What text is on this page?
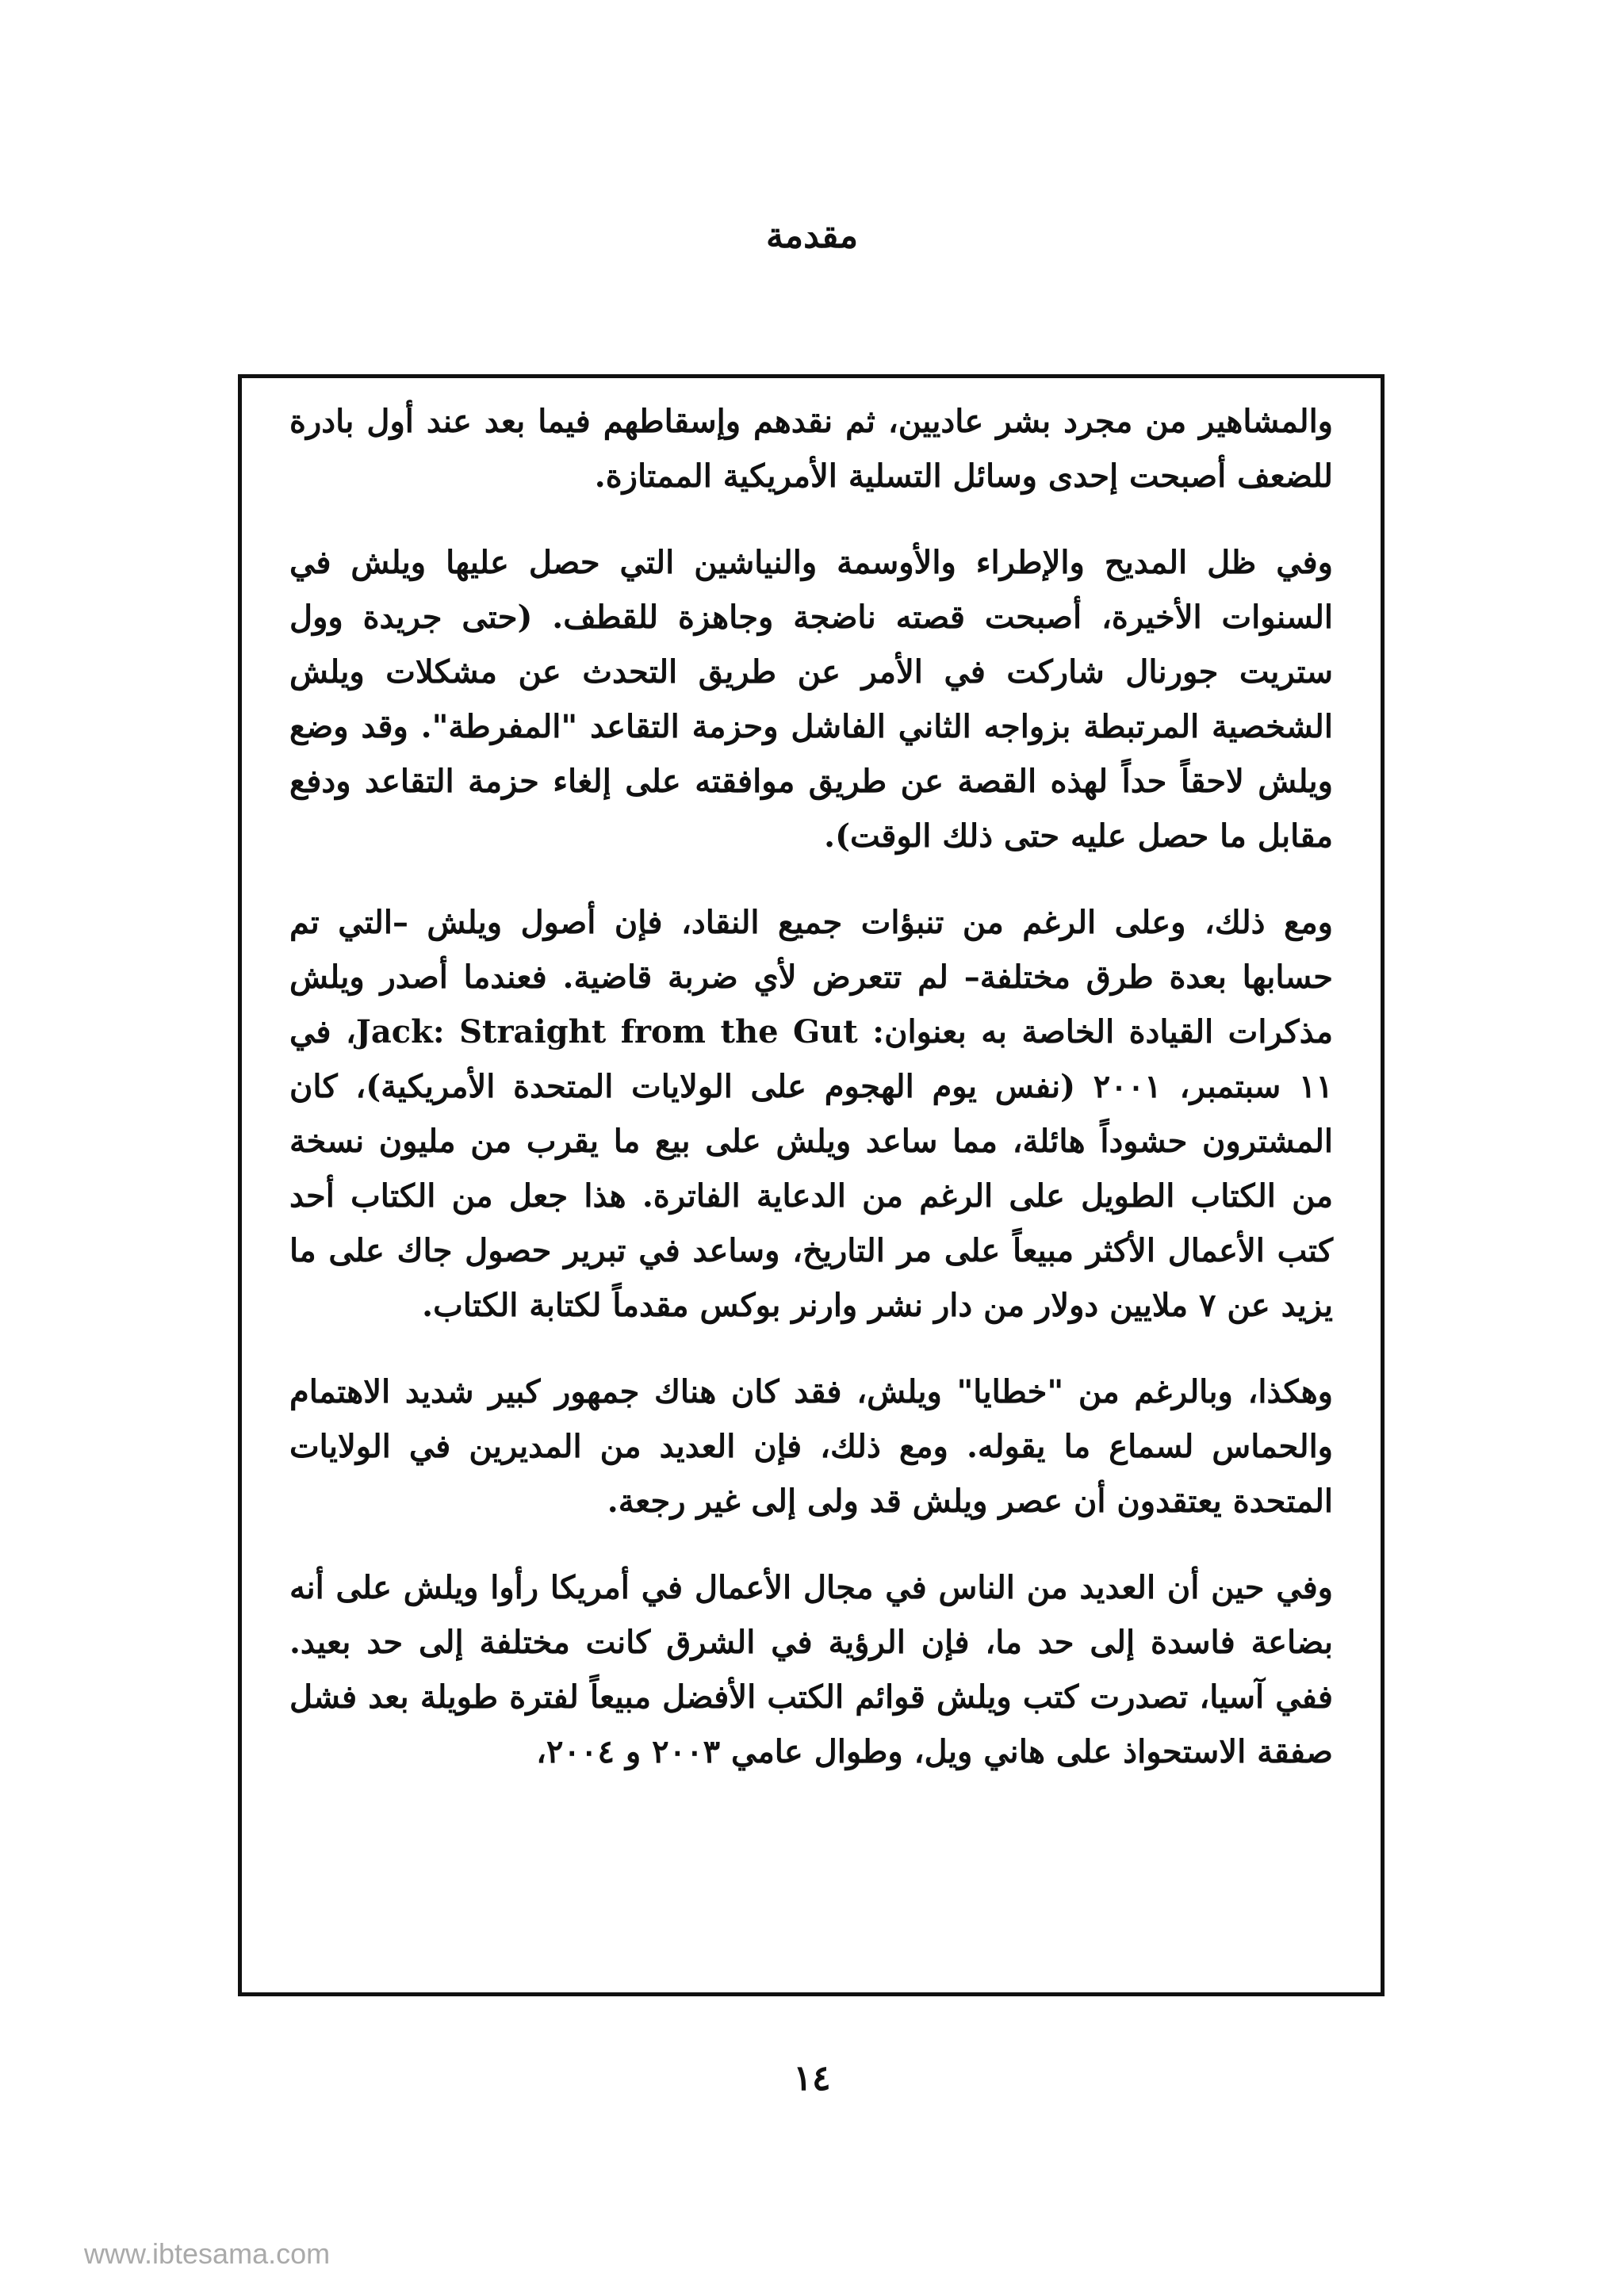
مقدمة

والمشاهير من مجرد بشر عاديين، ثم نقدهم وإسقاطهم فيما بعد عند أول بادرة للضعف أصبحت إحدى وسائل التسلية الأمريكية الممتازة.

وفي ظل المديح والإطراء والأوسمة والنياشين التي حصل عليها ويلش في السنوات الأخيرة، أصبحت قصته ناضجة وجاهزة للقطف. (حتى جريدة وول ستريت جورنال شاركت في الأمر عن طريق التحدث عن مشكلات ويلش الشخصية المرتبطة بزواجه الثاني الفاشل وحزمة التقاعد "المفرطة". وقد وضع ويلش لاحقاً حداً لهذه القصة عن طريق موافقته على إلغاء حزمة التقاعد ودفع مقابل ما حصل عليه حتى ذلك الوقت).

ومع ذلك، وعلى الرغم من تنبؤات جميع النقاد، فإن أصول ويلش –التي تم حسابها بعدة طرق مختلفة– لم تتعرض لأي ضربة قاضية. فعندما أصدر ويلش مذكرات القيادة الخاصة به بعنوان: Jack: Straight from the Gut، في ١١ سبتمبر، ٢٠٠١ (نفس يوم الهجوم على الولايات المتحدة الأمريكية)، كان المشترون حشوداً هائلة، مما ساعد ويلش على بيع ما يقرب من مليون نسخة من الكتاب الطويل على الرغم من الدعاية الفاترة. هذا جعل من الكتاب أحد كتب الأعمال الأكثر مبيعاً على مر التاريخ، وساعد في تبرير حصول جاك على ما يزيد عن ٧ ملايين دولار من دار نشر وارنر بوكس مقدماً لكتابة الكتاب.

وهكذا، وبالرغم من "خطايا" ويلش، فقد كان هناك جمهور كبير شديد الاهتمام والحماس لسماع ما يقوله. ومع ذلك، فإن العديد من المديرين في الولايات المتحدة يعتقدون أن عصر ويلش قد ولى إلى غير رجعة.

وفي حين أن العديد من الناس في مجال الأعمال في أمريكا رأوا ويلش على أنه بضاعة فاسدة إلى حد ما، فإن الرؤية في الشرق كانت مختلفة إلى حد بعيد. ففي آسيا، تصدرت كتب ويلش قوائم الكتب الأفضل مبيعاً لفترة طويلة بعد فشل صفقة الاستحواذ على هاني ويل، وطوال عامي ٢٠٠٣ و ٢٠٠٤،

١٤
www.ibtesama.com
